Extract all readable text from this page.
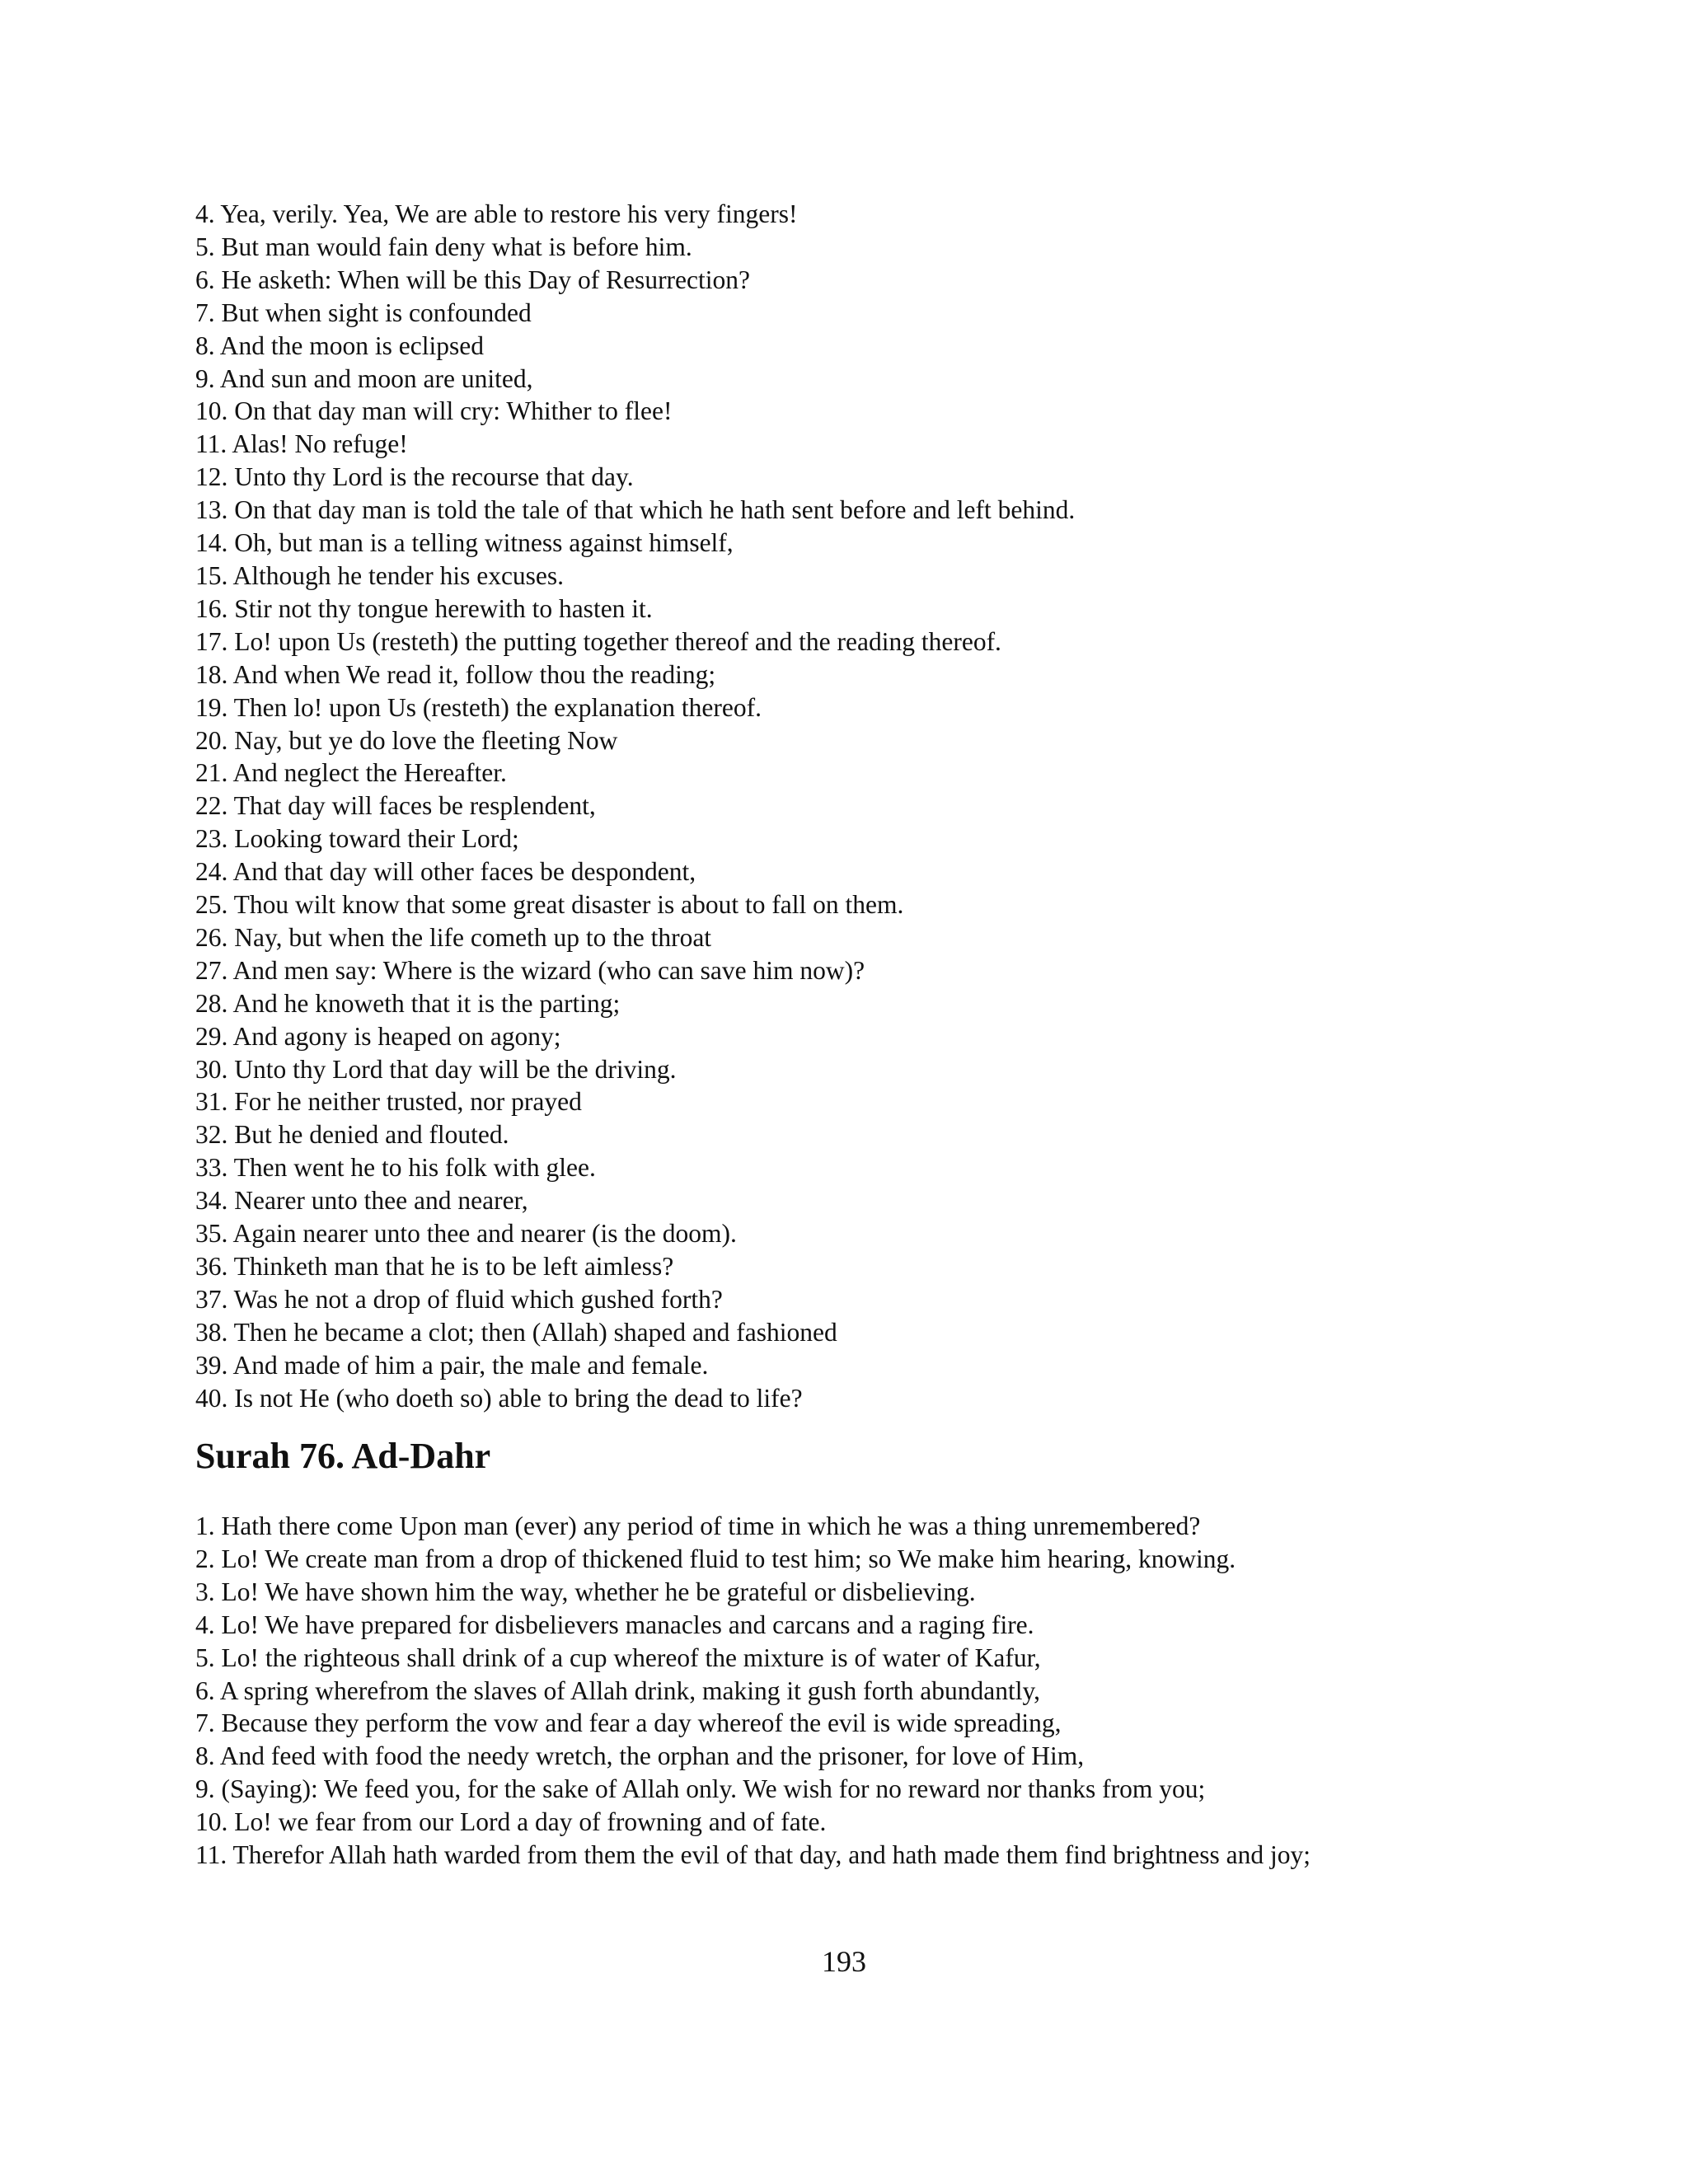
4. Yea, verily. Yea, We are able to restore his very fingers!
5. But man would fain deny what is before him.
6. He asketh: When will be this Day of Resurrection?
7. But when sight is confounded
8. And the moon is eclipsed
9. And sun and moon are united,
10. On that day man will cry: Whither to flee!
11. Alas! No refuge!
12. Unto thy Lord is the recourse that day.
13. On that day man is told the tale of that which he hath sent before and left behind.
14. Oh, but man is a telling witness against himself,
15. Although he tender his excuses.
16. Stir not thy tongue herewith to hasten it.
17. Lo! upon Us (resteth) the putting together thereof and the reading thereof.
18. And when We read it, follow thou the reading;
19. Then lo! upon Us (resteth) the explanation thereof.
20. Nay, but ye do love the fleeting Now
21. And neglect the Hereafter.
22. That day will faces be resplendent,
23. Looking toward their Lord;
24. And that day will other faces be despondent,
25. Thou wilt know that some great disaster is about to fall on them.
26. Nay, but when the life cometh up to the throat
27. And men say: Where is the wizard (who can save him now)?
28. And he knoweth that it is the parting;
29. And agony is heaped on agony;
30. Unto thy Lord that day will be the driving.
31. For he neither trusted, nor prayed
32. But he denied and flouted.
33. Then went he to his folk with glee.
34. Nearer unto thee and nearer,
35. Again nearer unto thee and nearer (is the doom).
36. Thinketh man that he is to be left aimless?
37. Was he not a drop of fluid which gushed forth?
38. Then he became a clot; then (Allah) shaped and fashioned
39. And made of him a pair, the male and female.
40. Is not He (who doeth so) able to bring the dead to life?
Surah 76. Ad-Dahr
1. Hath there come Upon man (ever) any period of time in which he was a thing unremembered?
2. Lo! We create man from a drop of thickened fluid to test him; so We make him hearing, knowing.
3. Lo! We have shown him the way, whether he be grateful or disbelieving.
4. Lo! We have prepared for disbelievers manacles and carcans and a raging fire.
5. Lo! the righteous shall drink of a cup whereof the mixture is of water of Kafur,
6. A spring wherefrom the slaves of Allah drink, making it gush forth abundantly,
7. Because they perform the vow and fear a day whereof the evil is wide spreading,
8. And feed with food the needy wretch, the orphan and the prisoner, for love of Him,
9. (Saying): We feed you, for the sake of Allah only. We wish for no reward nor thanks from you;
10. Lo! we fear from our Lord a day of frowning and of fate.
11. Therefor Allah hath warded from them the evil of that day, and hath made them find brightness and joy;
193
